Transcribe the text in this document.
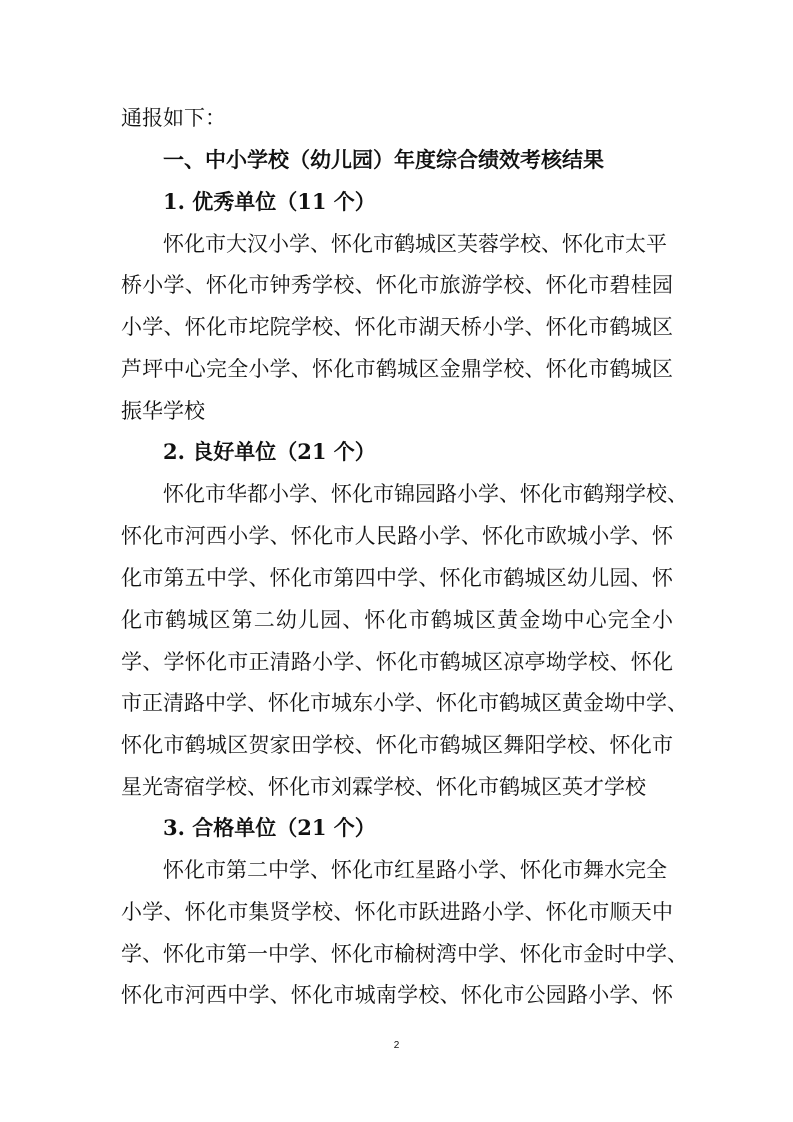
通报如下：
一、中小学校（幼儿园）年度综合绩效考核结果
1. 优秀单位（11 个）
怀化市大汉小学、怀化市鹤城区芙蓉学校、怀化市太平
桥小学、怀化市钟秀学校、怀化市旅游学校、怀化市碧桂园
小学、怀化市坨院学校、怀化市湖天桥小学、怀化市鹤城区
芦坪中心完全小学、怀化市鹤城区金鼎学校、怀化市鹤城区
振华学校
2. 良好单位（21 个）
怀化市华都小学、怀化市锦园路小学、怀化市鹤翔学校、
怀化市河西小学、怀化市人民路小学、怀化市欧城小学、怀
化市第五中学、怀化市第四中学、怀化市鹤城区幼儿园、怀
化市鹤城区第二幼儿园、怀化市鹤城区黄金坳中心完全小
学、学怀化市正清路小学、怀化市鹤城区凉亭坳学校、怀化
市正清路中学、怀化市城东小学、怀化市鹤城区黄金坳中学、
怀化市鹤城区贺家田学校、怀化市鹤城区舞阳学校、怀化市
星光寄宿学校、怀化市刘霖学校、怀化市鹤城区英才学校
3. 合格单位（21 个）
怀化市第二中学、怀化市红星路小学、怀化市舞水完全
小学、怀化市集贤学校、怀化市跃进路小学、怀化市顺天中
学、怀化市第一中学、怀化市榆树湾中学、怀化市金时中学、
怀化市河西中学、怀化市城南学校、怀化市公园路小学、怀
2
